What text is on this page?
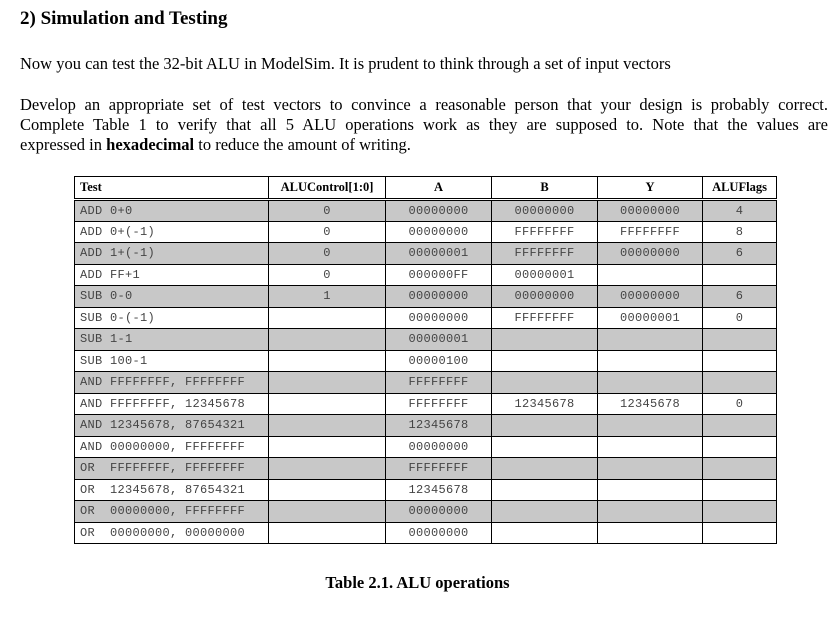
2) Simulation and Testing
Now you can test the 32-bit ALU in ModelSim. It is prudent to think through a set of input vectors
Develop an appropriate set of test vectors to convince a reasonable person that your design is probably correct.
Complete Table 1 to verify that all 5 ALU operations work as they are supposed to. Note that the values are
expressed in hexadecimal to reduce the amount of writing.
Test	ALUControl[1:0]	A	B	Y	ALUFlags
ADD 0+0	0	00000000	00000000	00000000	4
ADD 0+(-1)	0	00000000	FFFFFFFF	FFFFFFFF	8
ADD 1+(-1)	0	00000001	FFFFFFFF	00000000	6
ADD FF+1	0	000000FF	00000001		
SUB 0-0	1	00000000	00000000	00000000	6
SUB 0-(-1)		00000000	FFFFFFFF	00000001	0
SUB 1-1		00000001			
SUB 100-1		00000100			
AND FFFFFFFF, FFFFFFFF		FFFFFFFF			
AND FFFFFFFF, 12345678		FFFFFFFF	12345678	12345678	0
AND 12345678, 87654321		12345678			
AND 00000000, FFFFFFFF		00000000			
OR  FFFFFFFF, FFFFFFFF		FFFFFFFF			
OR  12345678, 87654321		12345678			
OR  00000000, FFFFFFFF		00000000			
OR  00000000, 00000000		00000000			
Table 2.1. ALU operations
